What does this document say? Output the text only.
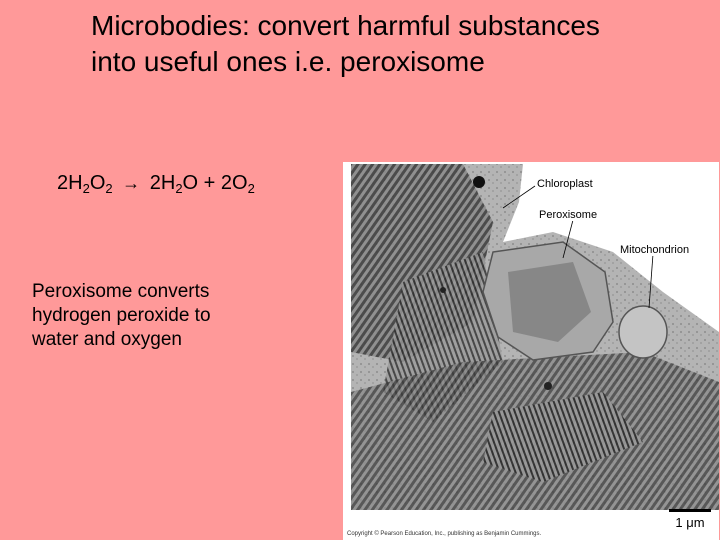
Microbodies: convert harmful substances
into useful ones i.e. peroxisome
$2H_2O_2 \to 2H_2O + 2O_2$
Peroxisome converts
hydrogen peroxide to
water and oxygen
Chloroplast
Peroxisome
Mitochondrion
1 μm
Copyright © Pearson Education, Inc., publishing as Benjamin Cummings.
